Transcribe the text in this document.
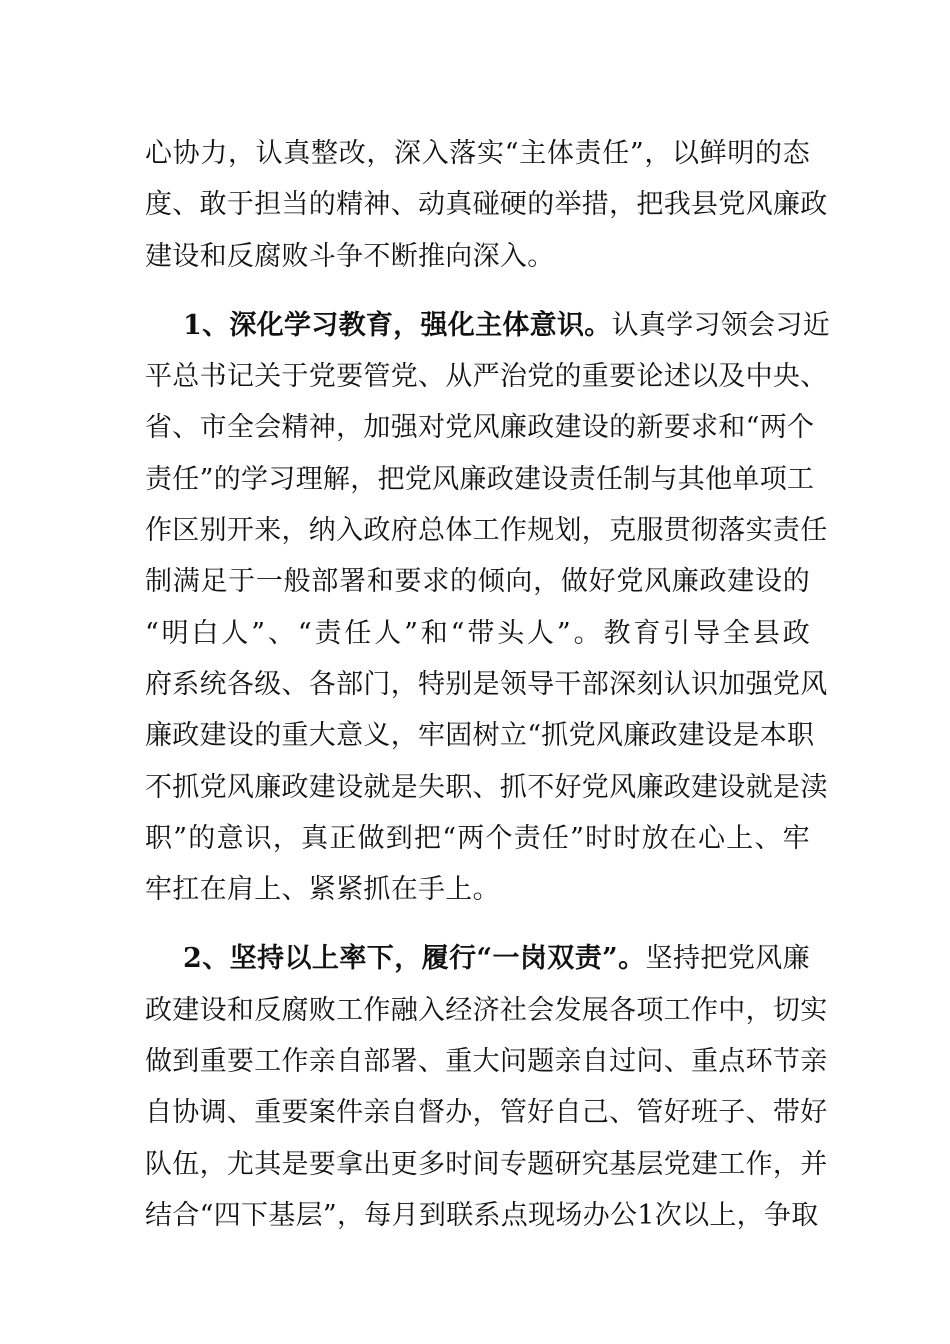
心协力，认真整改，深入落实“主体责任”，以鲜明的态
度、敢于担当的精神、动真碰硬的举措，把我县党风廉政
建设和反腐败斗争不断推向深入。
1、深化学习教育，强化主体意识。认真学习领会习近
平总书记关于党要管党、从严治党的重要论述以及中央、
省、市全会精神，加强对党风廉政建设的新要求和“两个
责任”的学习理解，把党风廉政建设责任制与其他单项工
作区别开来，纳入政府总体工作规划，克服贯彻落实责任
制满足于一般部署和要求的倾向，做好党风廉政建设的
“明白人”、“责任人”和“带头人”。教育引导全县政
府系统各级、各部门，特别是领导干部深刻认识加强党风
廉政建设的重大意义，牢固树立“抓党风廉政建设是本职
不抓党风廉政建设就是失职、抓不好党风廉政建设就是渎
职”的意识，真正做到把“两个责任”时时放在心上、牢
牢扛在肩上、紧紧抓在手上。
2、坚持以上率下，履行“一岗双责”。坚持把党风廉
政建设和反腐败工作融入经济社会发展各项工作中，切实
做到重要工作亲自部署、重大问题亲自过问、重点环节亲
自协调、重要案件亲自督办，管好自己、管好班子、带好
队伍，尤其是要拿出更多时间专题研究基层党建工作，并
结合“四下基层”，每月到联系点现场办公1次以上，争取
